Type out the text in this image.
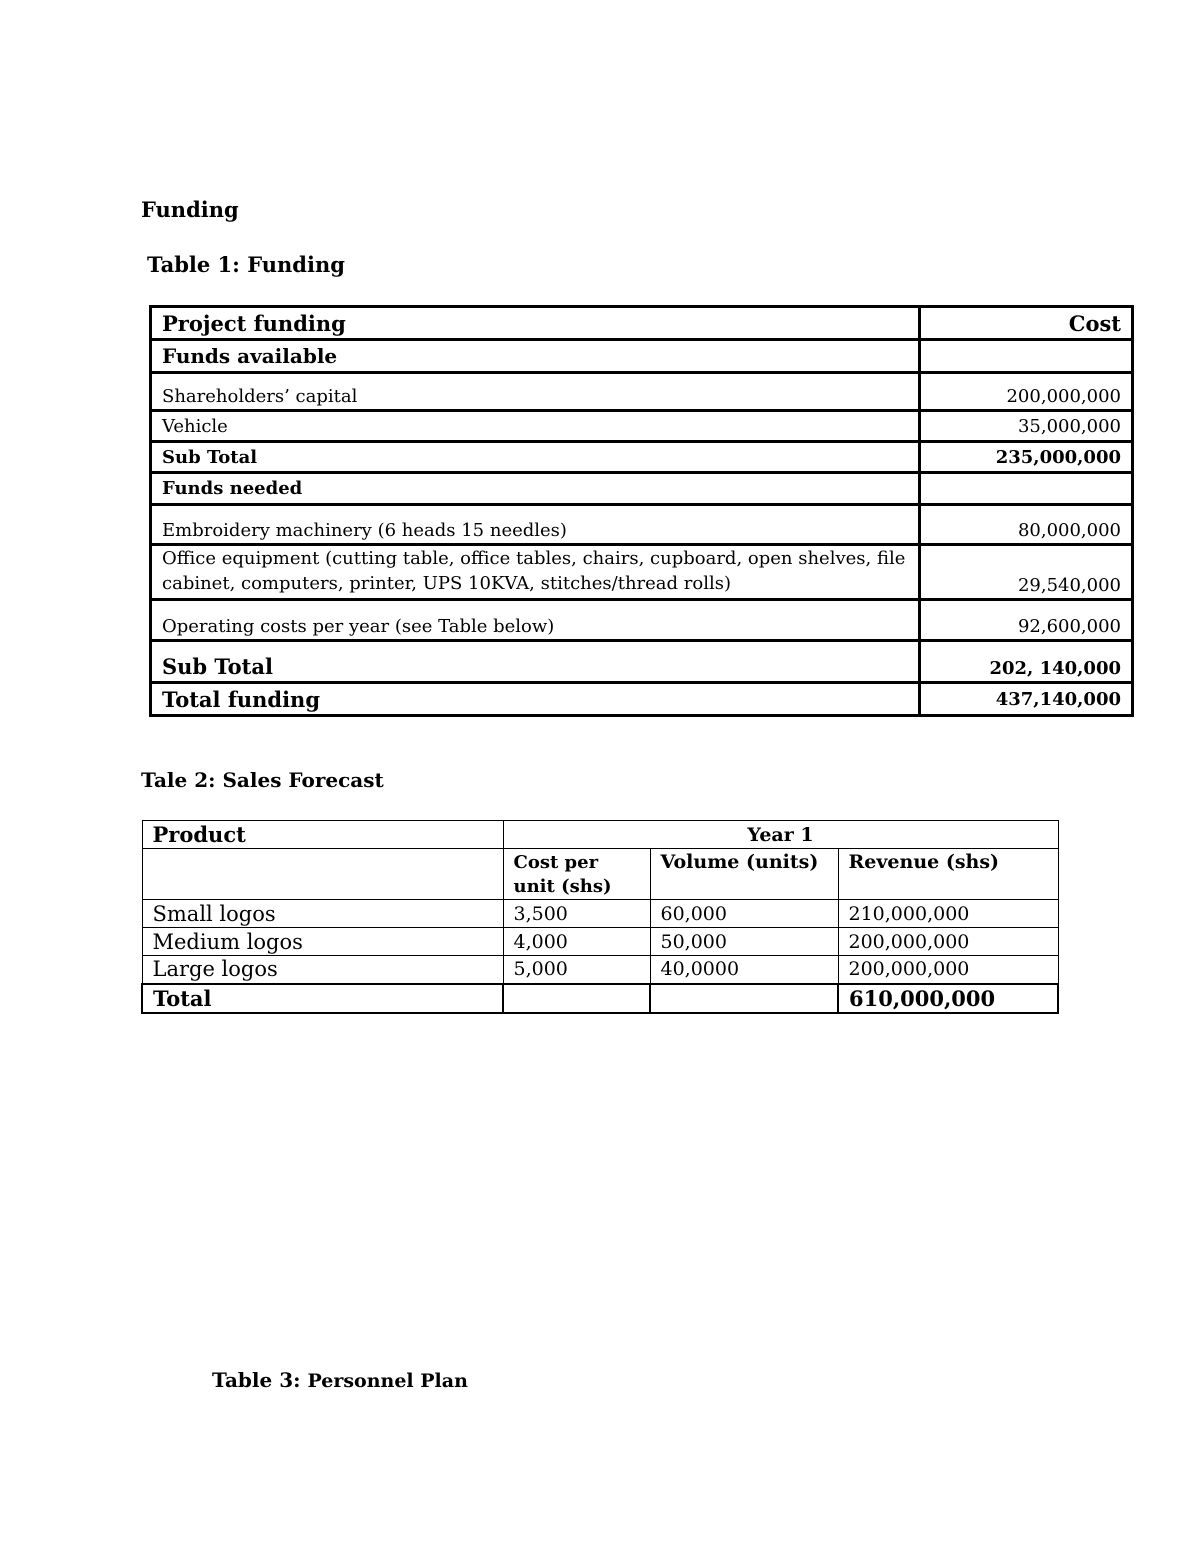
Funding
Table 1: Funding
Project funding	Cost
Funds available	
Shareholders’ capital	200,000,000
Vehicle	35,000,000
Sub Total	235,000,000
Funds needed	
Embroidery machinery (6 heads 15 needles)	80,000,000

Office equipment (cutting table, office tables, chairs, cupboard, open shelves, file
cabinet, computers, printer, UPS 10KVA, stitches/thread rolls)	29,540,000
Operating costs per year (see Table below)	92,600,000
Sub Total	202, 140,000
Total funding	437,140,000
Tale 2: Sales Forecast
Product	Year 1		
	Cost per unit (shs)	Volume (units)	Revenue (shs)
Small logos	3,500	60,000	210,000,000
Medium logos	4,000	50,000	200,000,000
Large logos	5,000	40,0000	200,000,000
Total			610,000,000
Table 3: Personnel Plan
